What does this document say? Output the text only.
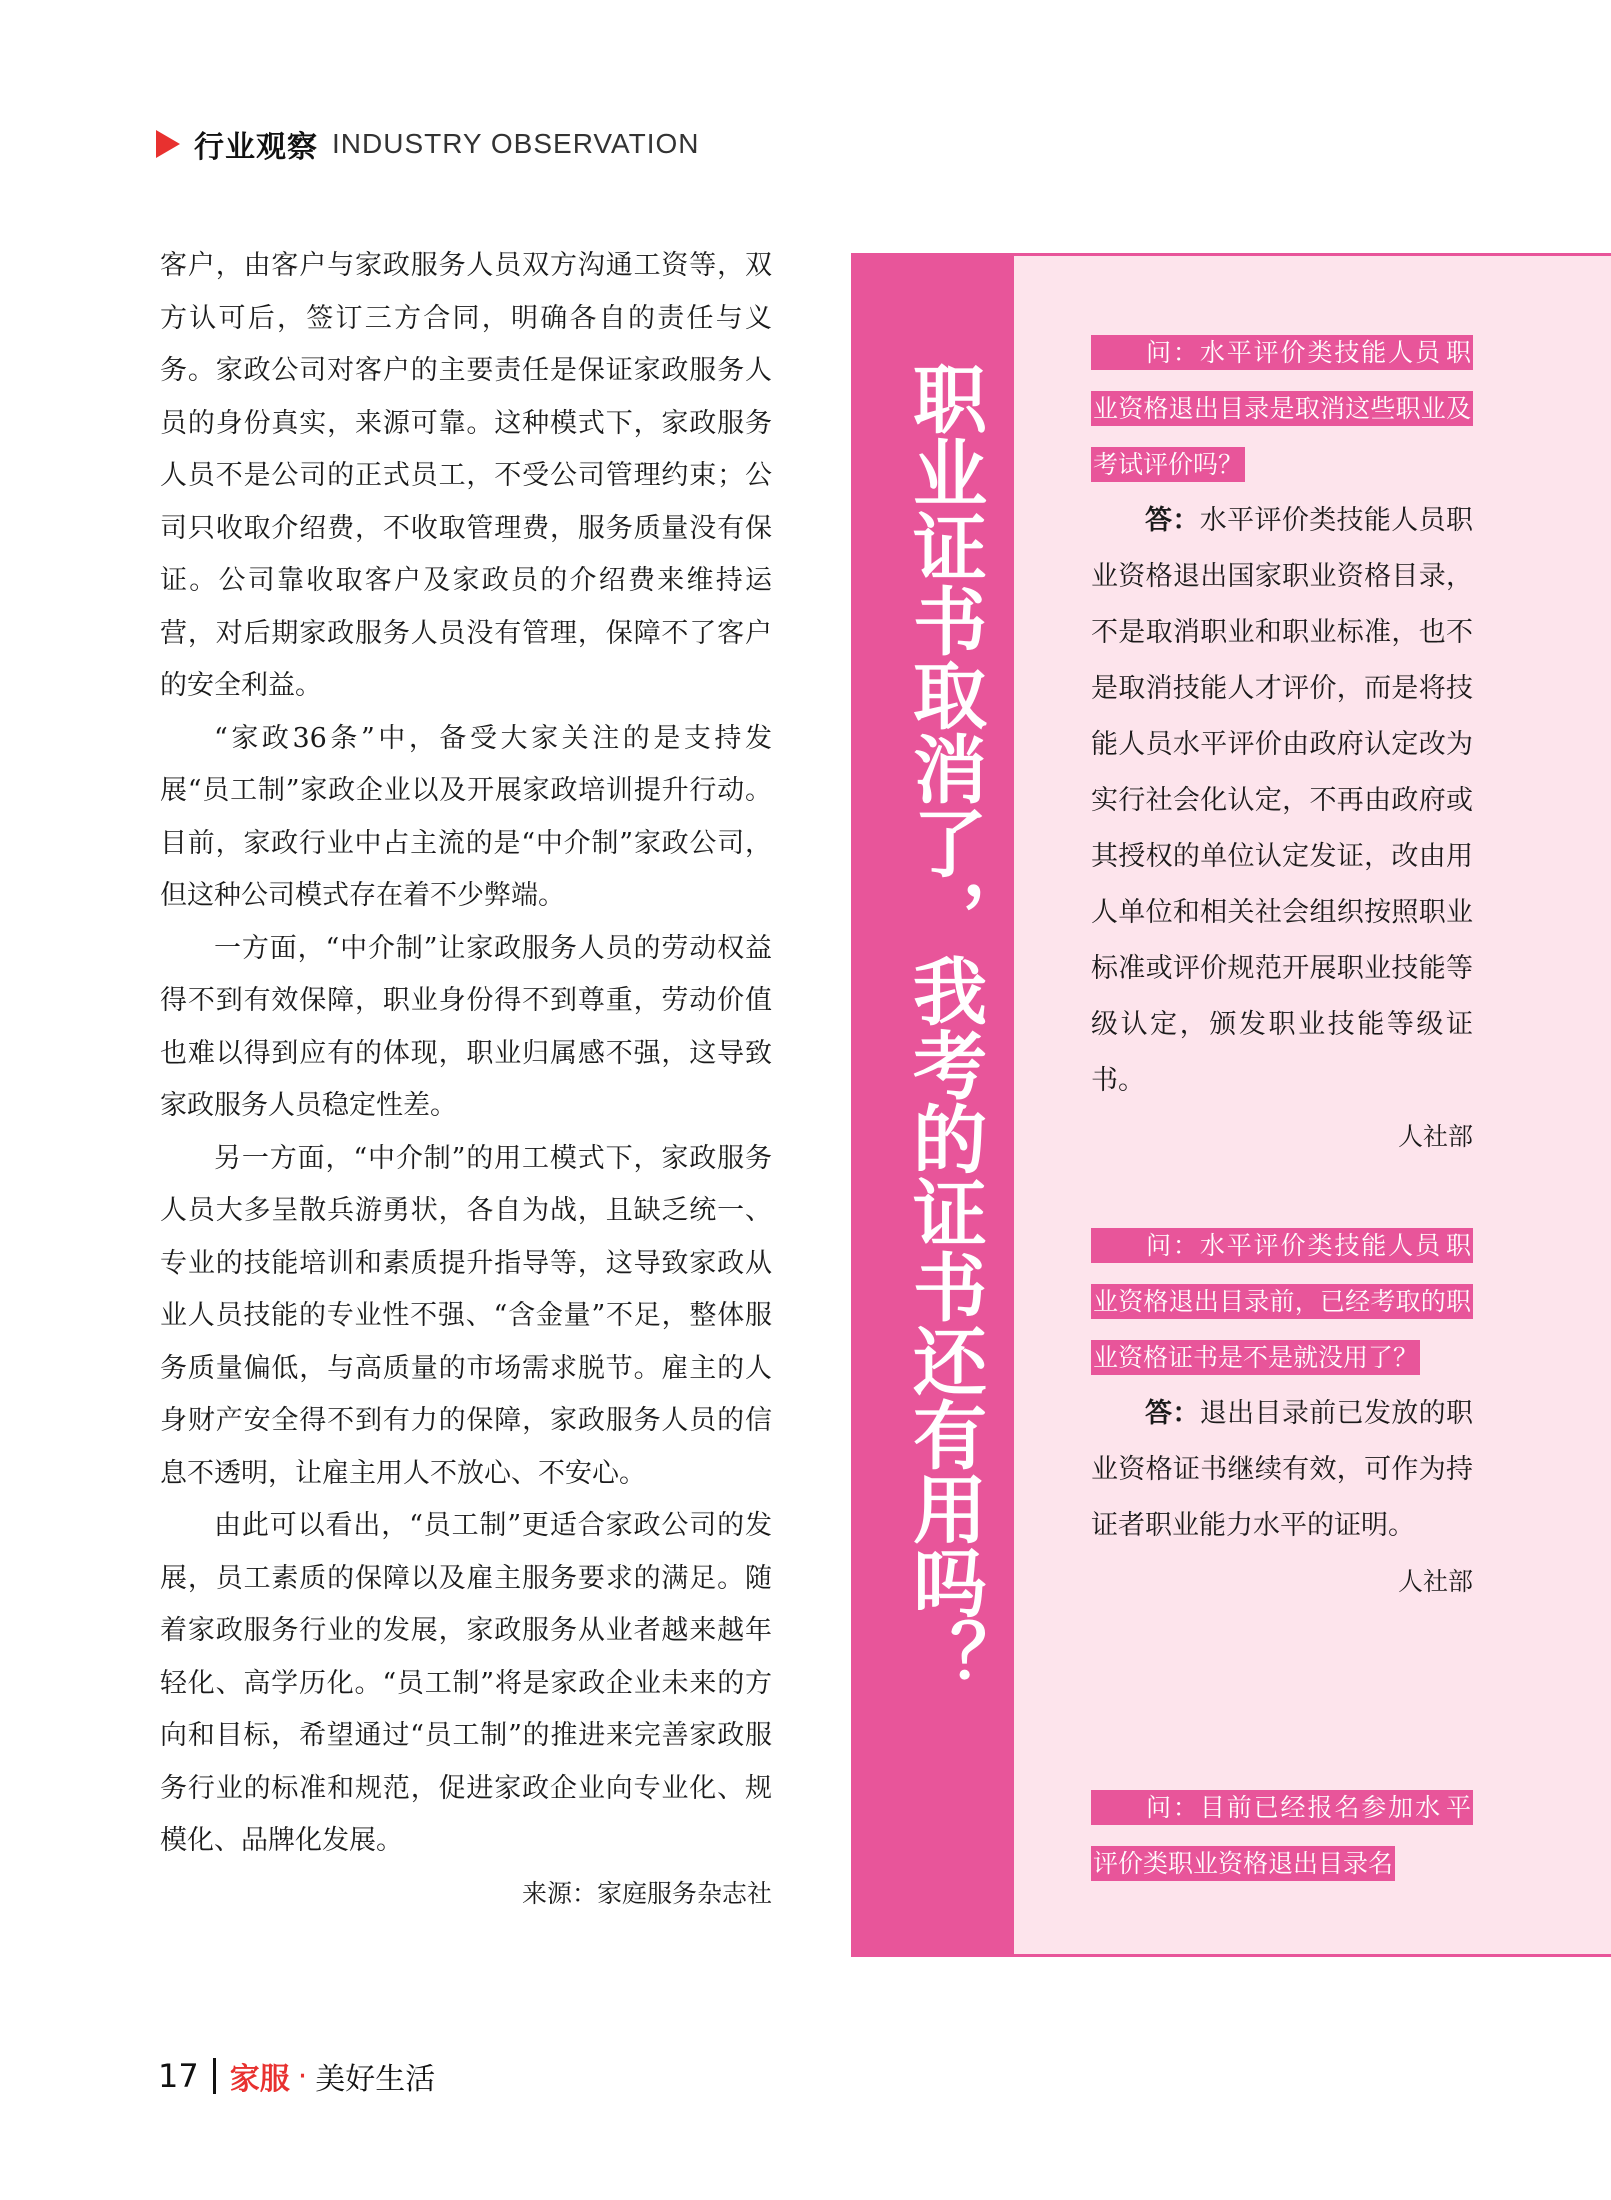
行业观察 INDUSTRY OBSERVATION

客户，由客户与家政服务人员双方沟通工资等，双方认可后，签订三方合同，明确各自的责任与义务。家政公司对客户的主要责任是保证家政服务人员的身份真实，来源可靠。这种模式下，家政服务人员不是公司的正式员工，不受公司管理约束；公司只收取介绍费，不收取管理费，服务质量没有保证。公司靠收取客户及家政员的介绍费来维持运营，对后期家政服务人员没有管理，保障不了客户的安全利益。

“家政36条”中，备受大家关注的是支持发展“员工制”家政企业以及开展家政培训提升行动。目前，家政行业中占主流的是“中介制”家政公司，但这种公司模式存在着不少弊端。

一方面，“中介制”让家政服务人员的劳动权益得不到有效保障，职业身份得不到尊重，劳动价值也难以得到应有的体现，职业归属感不强，这导致家政服务人员稳定性差。

另一方面，“中介制”的用工模式下，家政服务人员大多呈散兵游勇状，各自为战，且缺乏统一、专业的技能培训和素质提升指导等，这导致家政从业人员技能的专业性不强、“含金量”不足，整体服务质量偏低，与高质量的市场需求脱节。雇主的人身财产安全得不到有力的保障，家政服务人员的信息不透明，让雇主用人不放心、不安心。

由此可以看出，“员工制”更适合家政公司的发展，员工素质的保障以及雇主服务要求的满足。随着家政服务行业的发展，家政服务从业者越来越年轻化、高学历化。“员工制”将是家政企业未来的方向和目标，希望通过“员工制”的推进来完善家政服务行业的标准和规范，促进家政企业向专业化、规模化、品牌化发展。

来源：家庭服务杂志社

职业证书取消了，我考的证书还有用吗？
问：水平评价类技能人员 职业资格退出目录是取消这些职业及考试评价吗？

答：水平评价类技能人员职业资格退出国家职业资格目录，不是取消职业和职业标准，也不是取消技能人才评价，而是将技能人员水平评价由政府认定改为实行社会化认定，不再由政府或其授权的单位认定发证，改由用人单位和相关社会组织按照职业标准或评价规范开展职业技能等级认定，颁发职业技能等级证书。

人社部

问：水平评价类技能人员 职业资格退出目录前，已经考取的职业资格证书是不是就没用了？

答：退出目录前已发放的职业资格证书继续有效，可作为持证者职业能力水平的证明。

人社部

问：目前已经报名参加水 平评价类职业资格退出目录名
17 家服 · 美好生活
